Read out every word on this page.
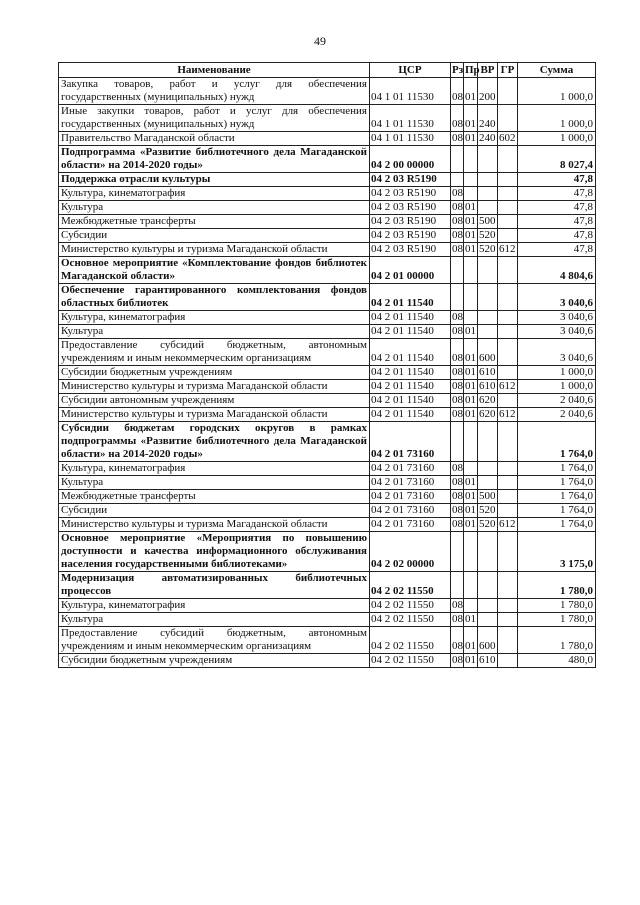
49
Наименование	ЦСР	Рз	Пр	ВР	ГР	Сумма
Закупка товаров, работ и услуг для обеспечения государственных (муниципальных) нужд	04 1 01 11530	08	01	200		1 000,0
Иные закупки товаров, работ и услуг для обеспечения государственных (муниципальных) нужд	04 1 01 11530	08	01	240		1 000,0
Правительство Магаданской области	04 1 01 11530	08	01	240	602	1 000,0
Подпрограмма «Развитие библиотечного дела Магаданской области» на 2014-2020 годы»	04 2 00 00000					8 027,4
Поддержка отрасли культуры	04 2 03 R5190					47,8
Культура, кинематография	04 2 03 R5190	08				47,8
Культура	04 2 03 R5190	08	01			47,8
Межбюджетные трансферты	04 2 03 R5190	08	01	500		47,8
Субсидии	04 2 03 R5190	08	01	520		47,8
Министерство культуры и туризма Магаданской области	04 2 03 R5190	08	01	520	612	47,8
Основное мероприятие «Комплектование фондов библиотек Магаданской области»	04 2 01 00000					4 804,6
Обеспечение гарантированного комплектования фондов областных библиотек	04 2 01 11540					3 040,6
Культура, кинематография	04 2 01 11540	08				3 040,6
Культура	04 2 01 11540	08	01			3 040,6
Предоставление субсидий бюджетным, автономным учреждениям и иным некоммерческим организациям	04 2 01 11540	08	01	600		3 040,6
Субсидии бюджетным учреждениям	04 2 01 11540	08	01	610		1 000,0
Министерство культуры и туризма Магаданской области	04 2 01 11540	08	01	610	612	1 000,0
Субсидии автономным учреждениям	04 2 01 11540	08	01	620		2 040,6
Министерство культуры и туризма Магаданской области	04 2 01 11540	08	01	620	612	2 040,6
Субсидии бюджетам городских округов в рамках подпрограммы «Развитие библиотечного дела Магаданской области» на 2014-2020 годы»	04 2 01 73160					1 764,0
Культура, кинематография	04 2 01 73160	08				1 764,0
Культура	04 2 01 73160	08	01			1 764,0
Межбюджетные трансферты	04 2 01 73160	08	01	500		1 764,0
Субсидии	04 2 01 73160	08	01	520		1 764,0
Министерство культуры и туризма Магаданской области	04 2 01 73160	08	01	520	612	1 764,0
Основное мероприятие «Мероприятия по повышению доступности и качества информационного обслуживания населения государственными библиотеками»	04 2 02 00000					3 175,0
Модернизация автоматизированных библиотечных процессов	04 2 02 11550					1 780,0
Культура, кинематография	04 2 02 11550	08				1 780,0
Культура	04 2 02 11550	08	01			1 780,0
Предоставление субсидий бюджетным, автономным учреждениям и иным некоммерческим организациям	04 2 02 11550	08	01	600		1 780,0
Субсидии бюджетным учреждениям	04 2 02 11550	08	01	610		480,0
